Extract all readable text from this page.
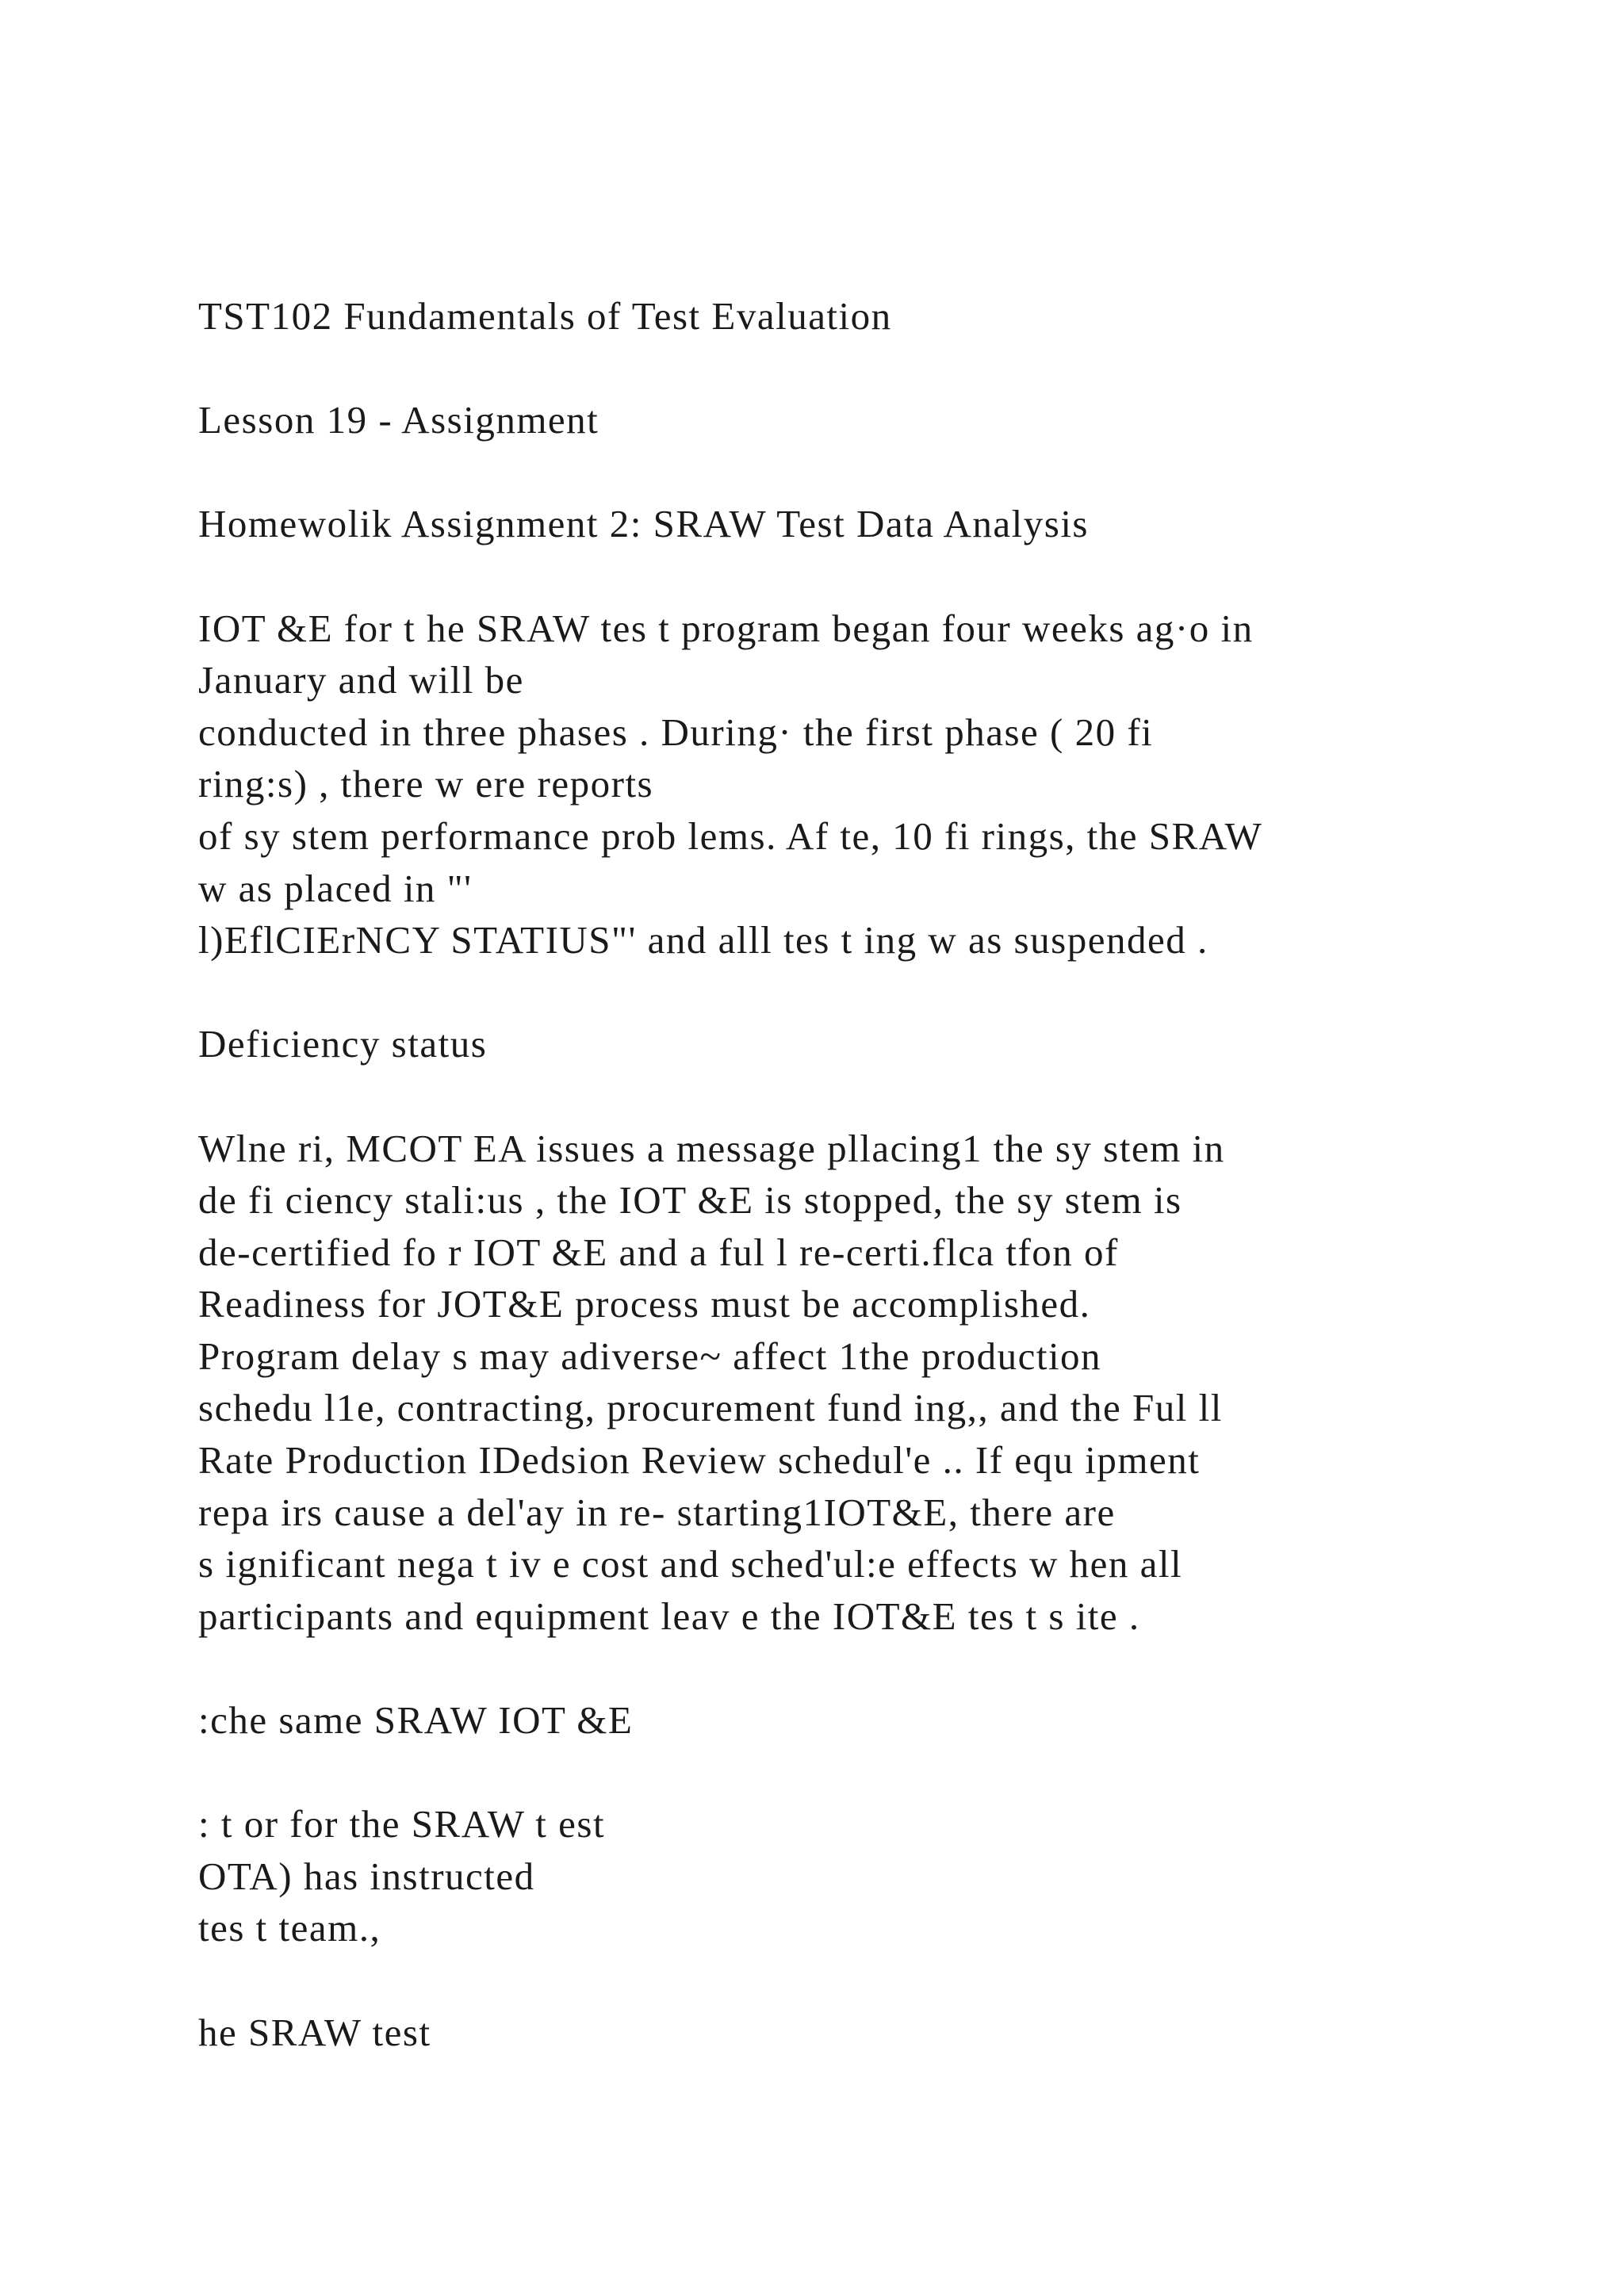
TST102 Fundamentals of Test Evaluation

Lesson 19 - Assignment

Homewolik Assignment 2: SRAW Test Data Analysis

IOT &E for t he SRAW tes t program began four weeks ag·o in
January and will be
conducted in three phases . During· the first phase ( 20 fi
ring:s) , there w ere reports
of sy stem performance prob lems. Af te, 10 fi rings, the SRAW
w as placed in "'
l)EflCIErNCY STATIUS"' and alll tes t ing w as suspended .

Deficiency status

Wlne ri, MCOT EA issues a message pllacing1 the sy stem in
de fi ciency stali:us , the IOT &E is stopped, the sy stem is
de-certified fo r IOT &E and a ful l re-certi.flca tfon of
Readiness for JOT&E process must be accomplished.
Program delay s may adiverse~ affect 1the production
schedu l1e, contracting, procurement fund ing,, and the Ful ll
Rate Production IDedsion Review schedul'e .. If equ ipment
repa irs cause a del'ay in re- starting1IOT&E, there are
s ignificant nega t iv e cost and sched'ul:e effects w hen all
participants and equipment leav e the IOT&E tes t s ite .

:che same SRAW IOT &E

: t or for the SRAW t est
OTA) has instructed
tes t team.,

he SRAW test
